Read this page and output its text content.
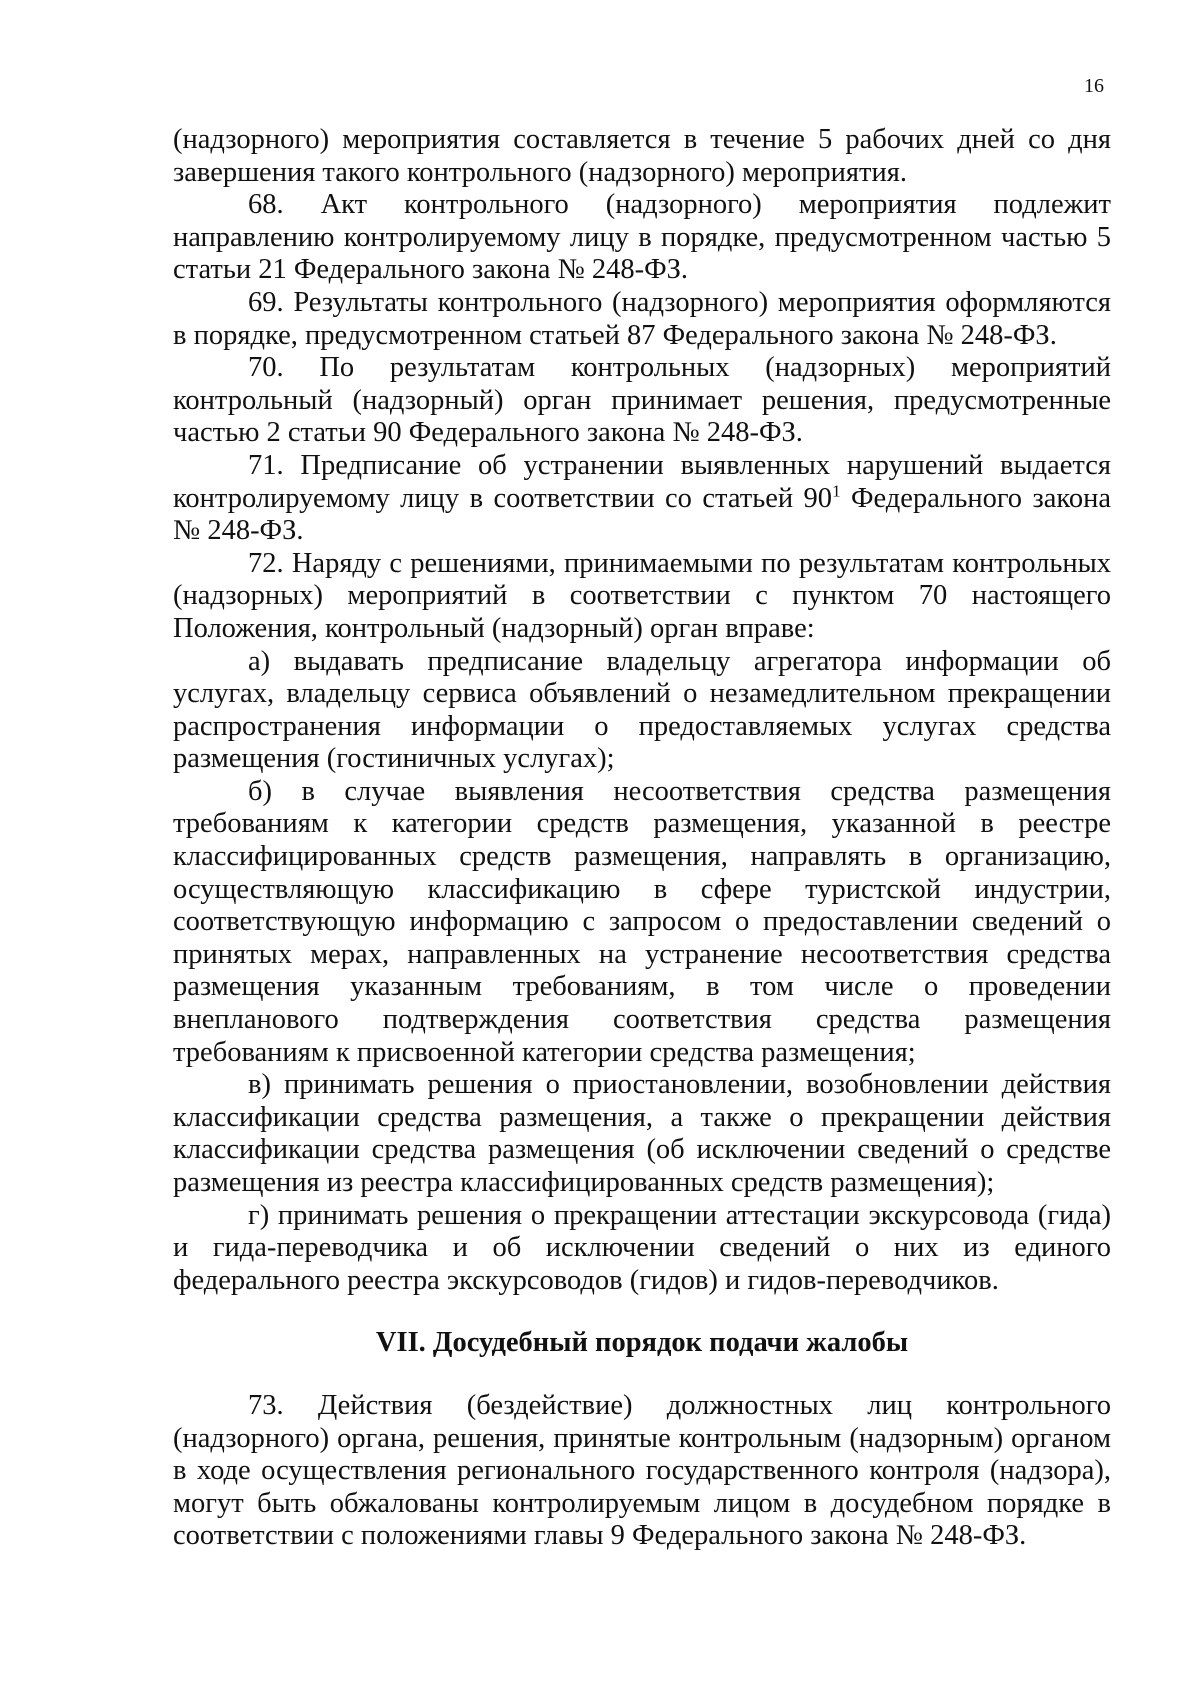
16

(надзорного) мероприятия составляется в течение 5 рабочих дней со дня завершения такого контрольного (надзорного) мероприятия.

68. Акт контрольного (надзорного) мероприятия подлежит направлению контролируемому лицу в порядке, предусмотренном частью 5 статьи 21 Федерального закона № 248-ФЗ.

69. Результаты контрольного (надзорного) мероприятия оформляются в порядке, предусмотренном статьей 87 Федерального закона № 248-ФЗ.

70. По результатам контрольных (надзорных) мероприятий контрольный (надзорный) орган принимает решения, предусмотренные частью 2 статьи 90 Федерального закона № 248-ФЗ.

71. Предписание об устранении выявленных нарушений выдается контролируемому лицу в соответствии со статьей $90^1$ Федерального закона № 248-ФЗ.

72. Наряду с решениями, принимаемыми по результатам контрольных (надзорных) мероприятий в соответствии с пунктом 70 настоящего Положения, контрольный (надзорный) орган вправе:

а) выдавать предписание владельцу агрегатора информации об услугах, владельцу сервиса объявлений о незамедлительном прекращении распространения информации о предоставляемых услугах средства размещения (гостиничных услугах);

б) в случае выявления несоответствия средства размещения требованиям к категории средств размещения, указанной в реестре классифицированных средств размещения, направлять в организацию, осуществляющую классификацию в сфере туристской индустрии, соответствующую информацию с запросом о предоставлении сведений о принятых мерах, направленных на устранение несоответствия средства размещения указанным требованиям, в том числе о проведении внепланового подтверждения соответствия средства размещения требованиям к присвоенной категории средства размещения;

в) принимать решения о приостановлении, возобновлении действия классификации средства размещения, а также о прекращении действия классификации средства размещения (об исключении сведений о средстве размещения из реестра классифицированных средств размещения);

г) принимать решения о прекращении аттестации экскурсовода (гида) и гида-переводчика и об исключении сведений о них из единого федерального реестра экскурсоводов (гидов) и гидов-переводчиков.

VII. Досудебный порядок подачи жалобы

73. Действия (бездействие) должностных лиц контрольного (надзорного) органа, решения, принятые контрольным (надзорным) органом в ходе осуществления регионального государственного контроля (надзора), могут быть обжалованы контролируемым лицом в досудебном порядке в соответствии с положениями главы 9 Федерального закона № 248-ФЗ.
